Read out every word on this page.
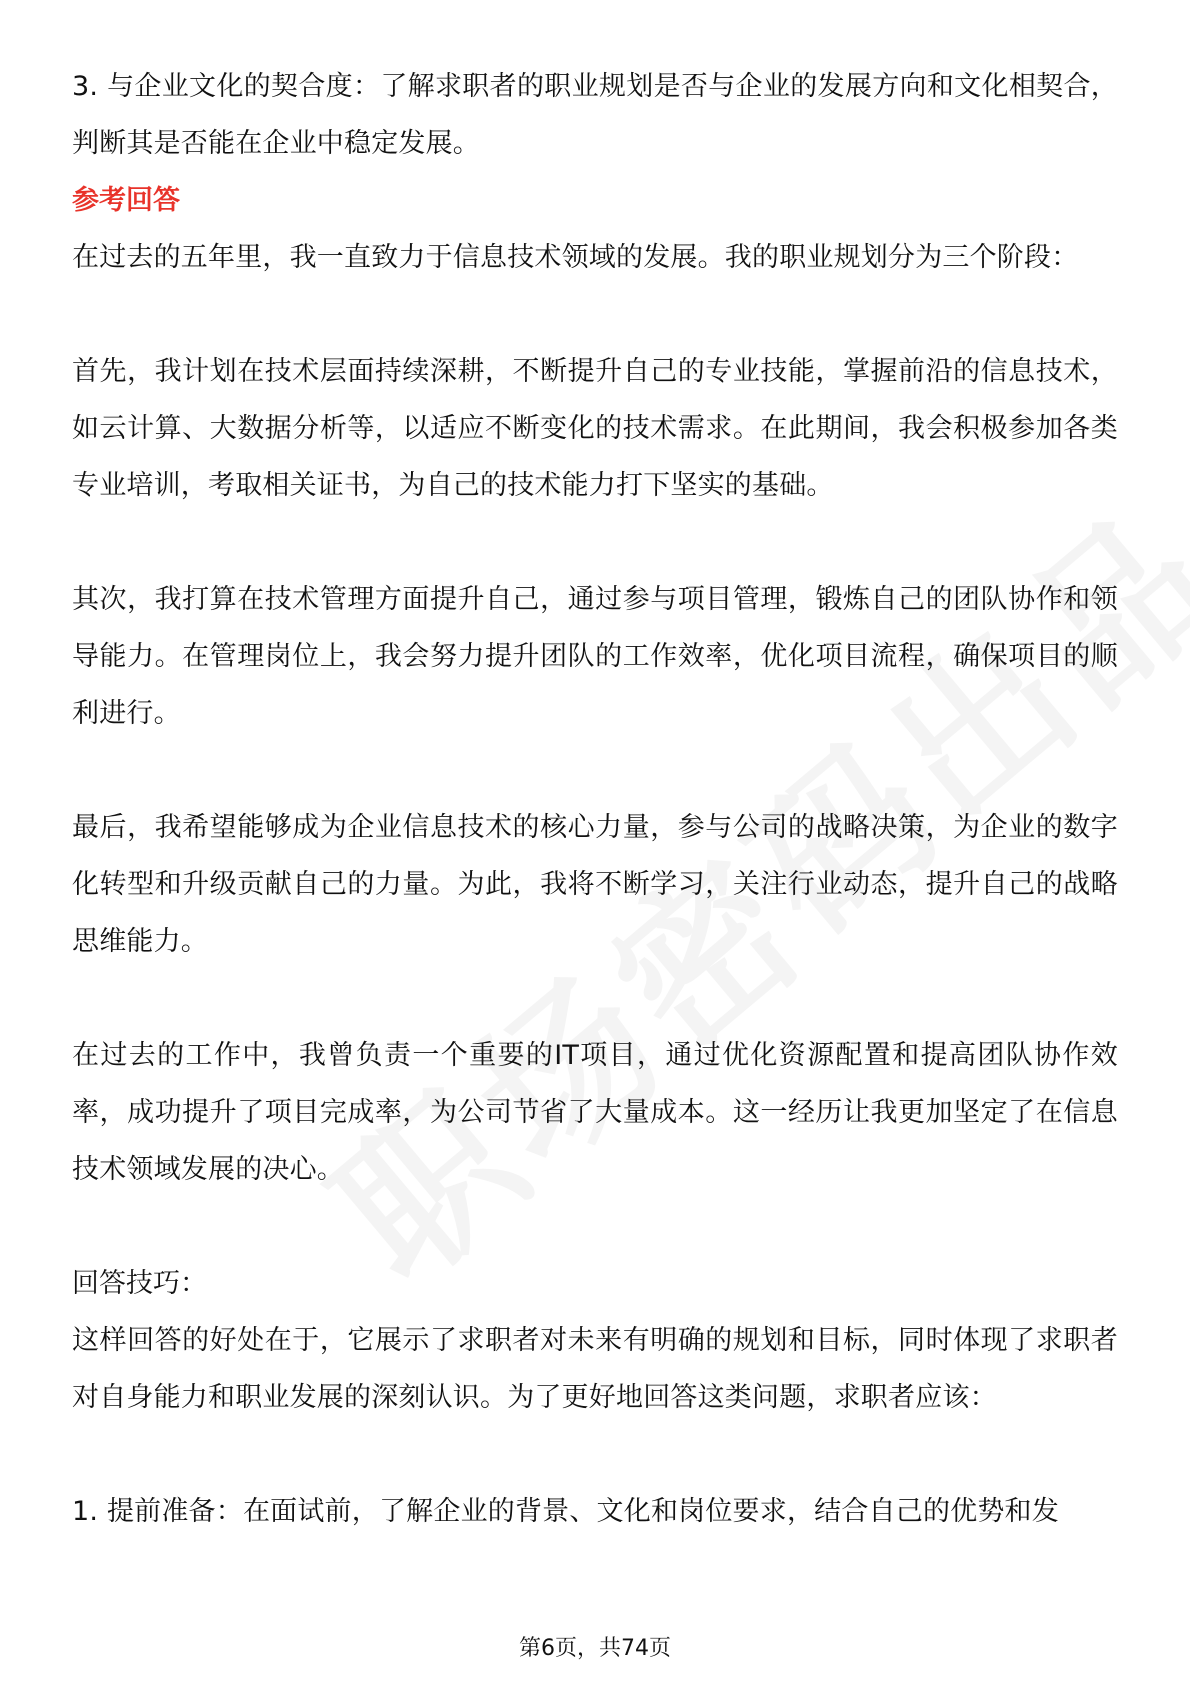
3. 与企业文化的契合度：了解求职者的职业规划是否与企业的发展方向和文化相契合，判断其是否能在企业中稳定发展。

参考回答

在过去的五年里，我一直致力于信息技术领域的发展。我的职业规划分为三个阶段：

首先，我计划在技术层面持续深耕，不断提升自己的专业技能，掌握前沿的信息技术，如云计算、大数据分析等，以适应不断变化的技术需求。在此期间，我会积极参加各类专业培训，考取相关证书，为自己的技术能力打下坚实的基础。

其次，我打算在技术管理方面提升自己，通过参与项目管理，锻炼自己的团队协作和领导能力。在管理岗位上，我会努力提升团队的工作效率，优化项目流程，确保项目的顺利进行。

最后，我希望能够成为企业信息技术的核心力量，参与公司的战略决策，为企业的数字化转型和升级贡献自己的力量。为此，我将不断学习，关注行业动态，提升自己的战略思维能力。

在过去的工作中，我曾负责一个重要的IT项目，通过优化资源配置和提高团队协作效率，成功提升了项目完成率，为公司节省了大量成本。这一经历让我更加坚定了在信息技术领域发展的决心。

回答技巧：

这样回答的好处在于，它展示了求职者对未来有明确的规划和目标，同时体现了求职者对自身能力和职业发展的深刻认识。为了更好地回答这类问题，求职者应该：

1. 提前准备：在面试前，了解企业的背景、文化和岗位要求，结合自己的优势和发

第6页，共74页
